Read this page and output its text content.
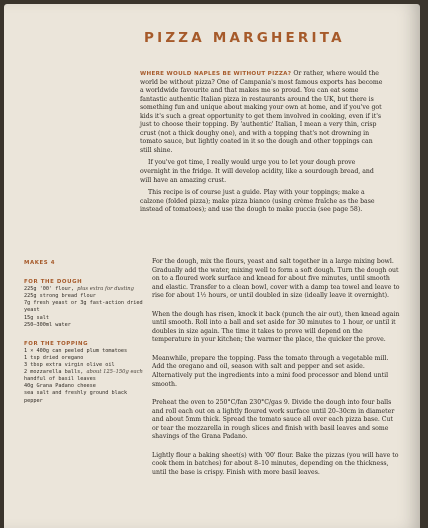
PIZZA MARGHERITA

WHERE WOULD NAPLES BE WITHOUT PIZZA? Or rather, where would the world be without pizza? One of Campania's most famous exports has become a worldwide favourite and that makes me so proud. You can eat some fantastic authentic Italian pizza in restaurants around the UK, but there is something fun and unique about making your own at home, and if you've got kids it's such a great opportunity to get them involved in cooking, even if it's just to choose their topping. By 'authentic' Italian, I mean a very thin, crisp crust (not a thick doughy one), and with a topping that's not drowning in tomato sauce, but lightly coated in it so the dough and other toppings can still shine.

If you've got time, I really would urge you to let your dough prove overnight in the fridge. It will develop acidity, like a sourdough bread, and will have an amazing crust.

This recipe is of course just a guide. Play with your toppings; make a calzone (folded pizza); make pizza bianco (using crème fraîche as the base instead of tomatoes); and use the dough to make puccia (see page 58).

MAKES 4
FOR THE DOUGH
225g '00' flour, plus extra for dusting
225g strong bread flour
7g fresh yeast or 3g fast-action dried yeast
15g salt
250–300ml water
FOR THE TOPPING
1 × 400g can peeled plum tomatoes
1 tsp dried oregano
3 tbsp extra virgin olive oil
2 mozzarella balls, about 125–150g each
handful of basil leaves
40g Grana Padano cheese
sea salt and freshly ground black pepper

For the dough, mix the flours, yeast and salt together in a large mixing bowl. Gradually add the water, mixing well to form a soft dough. Turn the dough out on to a floured work surface and knead for about five minutes, until smooth and elastic. Transfer to a clean bowl, cover with a damp tea towel and leave to rise for about 1½ hours, or until doubled in size (ideally leave it overnight).

When the dough has risen, knock it back (punch the air out), then knead again until smooth. Roll into a ball and set aside for 30 minutes to 1 hour, or until it doubles in size again. The time it takes to prove will depend on the temperature in your kitchen; the warmer the place, the quicker the prove.

Meanwhile, prepare the topping. Pass the tomato through a vegetable mill. Add the oregano and oil, season with salt and pepper and set aside. Alternatively put the ingredients into a mini food processor and blend until smooth.

Preheat the oven to 250°C/fan 230°C/gas 9. Divide the dough into four balls and roll each out on a lightly floured work surface until 20–30cm in diameter and about 5mm thick. Spread the tomato sauce all over each pizza base. Cut or tear the mozzarella in rough slices and finish with basil leaves and some shavings of the Grana Padano.

Lightly flour a baking sheet(s) with '00' flour. Bake the pizzas (you will have to cook them in batches) for about 8–10 minutes, depending on the thickness, until the base is crispy. Finish with more basil leaves.
